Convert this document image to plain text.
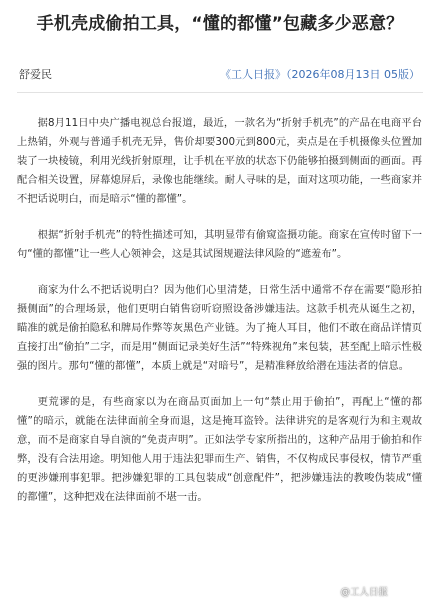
手机壳成偷拍工具，“懂的都懂”包藏多少恶意？
舒爱民	《工人日报》（2026年08月13日 05版）

据8月11日中央广播电视总台报道，最近，一款名为“折射手机壳”的产品在电商平台上热销，外观与普通手机壳无异，售价却要300元到800元，卖点是在手机摄像头位置加装了一块棱镜，利用光线折射原理，让手机在平放的状态下仍能够拍摄到侧面的画面。再配合相关设置，屏幕熄屏后，录像也能继续。耐人寻味的是，面对这项功能，一些商家并不把话说明白，而是暗示“懂的都懂”。

根据“折射手机壳”的特性描述可知，其明显带有偷窥盗摄功能。商家在宣传时留下一句“懂的都懂”让一些人心领神会，这是其试图规避法律风险的“遮羞布”。

商家为什么不把话说明白？因为他们心里清楚，日常生活中通常不存在需要“隐形拍摄侧面”的合理场景，他们更明白销售窃听窃照设备涉嫌违法。这款手机壳从诞生之初，瞄准的就是偷拍隐私和牌局作弊等灰黑色产业链。为了掩人耳目，他们不敢在商品详情页直接打出“偷拍”二字，而是用“侧面记录美好生活”“特殊视角”来包装，甚至配上暗示性极强的图片。那句“懂的都懂”，本质上就是“对暗号”，是精准释放给潜在违法者的信息。

更荒谬的是，有些商家以为在商品页面加上一句“禁止用于偷拍”，再配上“懂的都懂”的暗示，就能在法律面前全身而退，这是掩耳盗铃。法律讲究的是客观行为和主观故意，而不是商家自导自演的“免责声明”。正如法学专家所指出的，这种产品用于偷拍和作弊，没有合法用途。明知他人用于违法犯罪而生产、销售，不仅构成民事侵权，情节严重的更涉嫌刑事犯罪。把涉嫌犯罪的工具包装成“创意配件”，把涉嫌违法的教唆伪装成“懂的都懂”，这种把戏在法律面前不堪一击。

@工人日报
